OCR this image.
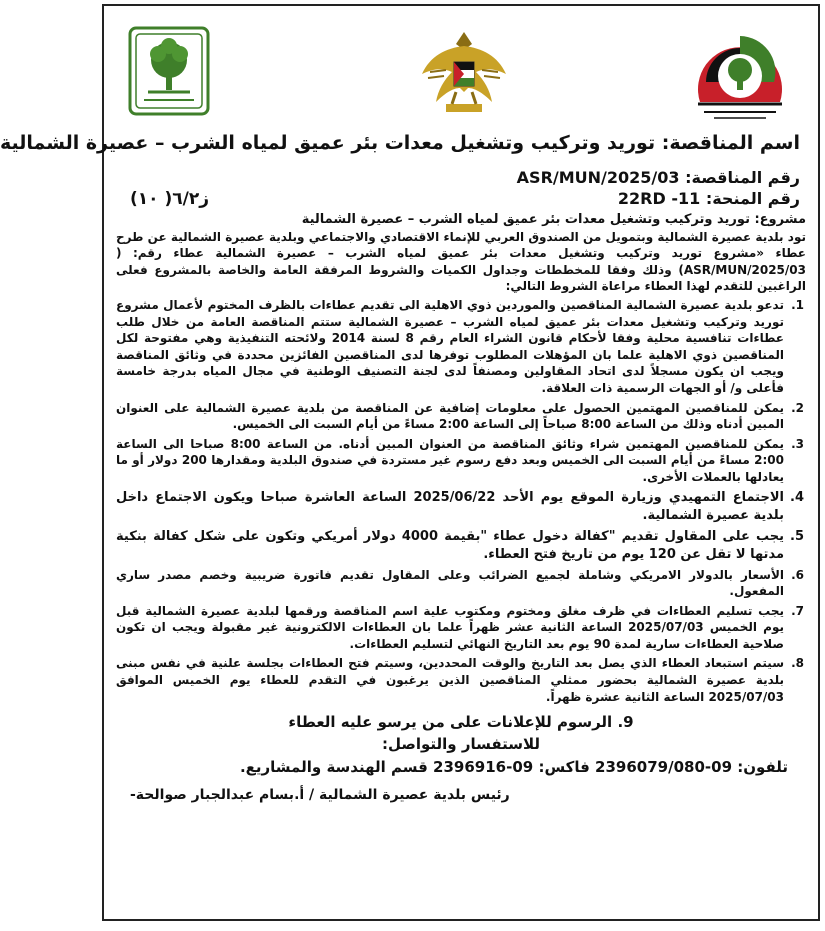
اسم المناقصة: توريد وتركيب وتشغيل معدات بئر عميق لمياه الشرب – عصيرة الشمالية
رقم المناقصة: ASR/MUN/2025/03
رقم المنحة: 11- 22RD
ز٦/٢( ١٠)

مشروع: توريد وتركيب وتشغيل معدات بئر عميق لمياه الشرب – عصيرة الشمالية

تود بلدية عصيرة الشمالية وبتمويل من الصندوق العربي للإنماء الاقتصادي والاجتماعي وبلدية عصيرة الشمالية عن طرح عطاء «مشروع توريد وتركيب وتشغيل معدات بئر عميق لمياه الشرب – عصيرة الشمالية عطاء رقم: ( ASR/MUN/2025/03) وذلك وفقا للمخططات وجداول الكميات والشروط المرفقة العامة والخاصة بالمشروع فعلى الراغبين للتقدم لهذا العطاء مراعاة الشروط التالي:

1.
تدعو بلدية عصيرة الشمالية المناقصين والموردين ذوي الاهلية الى تقديم عطاءات بالظرف المختوم لأعمال مشروع توريد وتركيب وتشغيل معدات بئر عميق لمياه الشرب – عصيرة الشمالية ستتم المناقصة العامة من خلال طلب عطاءات تنافسية محلية وفقا لأحكام قانون الشراء العام رقم 8 لسنة 2014 ولائحته التنفيذية وهي مفتوحة لكل المناقصين ذوي الاهلية علما بان المؤهلات المطلوب توفرها لدى المناقصين الفائزين محددة في وثائق المناقصة ويجب ان يكون مسجلاً لدى اتحاد المقاولين ومصنفاً لدى لجنة التصنيف الوطنية في مجال المياه بدرجة خامسة فأعلى و/ أو الجهات الرسمية ذات العلاقة.
2.
يمكن للمناقصين المهتمين الحصول على معلومات إضافية عن المناقصة من بلدية عصيرة الشمالية على العنوان المبين أدناه وذلك من الساعة 8:00 صباحاً إلى الساعة 2:00 مساءً من أيام السبت الى الخميس.
3.
يمكن للمناقصين المهتمين شراء وثائق المناقصة من العنوان المبين أدناه. من الساعة 8:00 صباحا الى الساعة 2:00 مساءً من أيام السبت الى الخميس وبعد دفع رسوم غير مستردة في صندوق البلدية ومقدارها 200 دولار أو ما يعادلها بالعملات الأخرى.
4.
الاجتماع التمهيدي وزيارة الموقع يوم الأحد 2025/06/22 الساعة العاشرة صباحا ويكون الاجتماع داخل بلدية عصيرة الشمالية.
5.
يجب على المقاول تقديم "كفالة دخول عطاء "بقيمة 4000 دولار أمريكي وتكون على شكل كفالة بنكية مدتها لا تقل عن 120 يوم من تاريخ فتح العطاء.
6.
الأسعار بالدولار الامريكي وشاملة لجميع الضرائب وعلى المقاول تقديم فاتورة ضريبية وخصم مصدر ساري المفعول.
7.
يجب تسليم العطاءات في ظرف مغلق ومختوم ومكتوب علية اسم المناقصة ورقمها لبلدية عصيرة الشمالية قبل يوم الخميس 2025/07/03 الساعة الثانية عشر ظهراً علما بان العطاءات الالكترونية غير مقبولة ويجب ان تكون صلاحية العطاءات سارية لمدة 90 يوم بعد التاريخ النهائي لتسليم العطاءات.
8.
سيتم استبعاد العطاء الذي يصل بعد التاريخ والوقت المحددين، وسيتم فتح العطاءات بجلسة علنية في نفس مبنى بلدية عصيرة الشمالية بحضور ممثلي المناقصين الذين يرغبون في التقدم للعطاء يوم الخميس الموافق 2025/07/03 الساعة الثانية عشرة ظهراً.
9. الرسوم للإعلانات على من يرسو عليه العطاء
للاستفسار والتواصل:
تلفون: 09-2396079/080 فاكس: 09-2396916 قسم الهندسة والمشاريع.
رئيس بلدية عصيرة الشمالية / أ.بسام عبدالجبار صوالحة-
